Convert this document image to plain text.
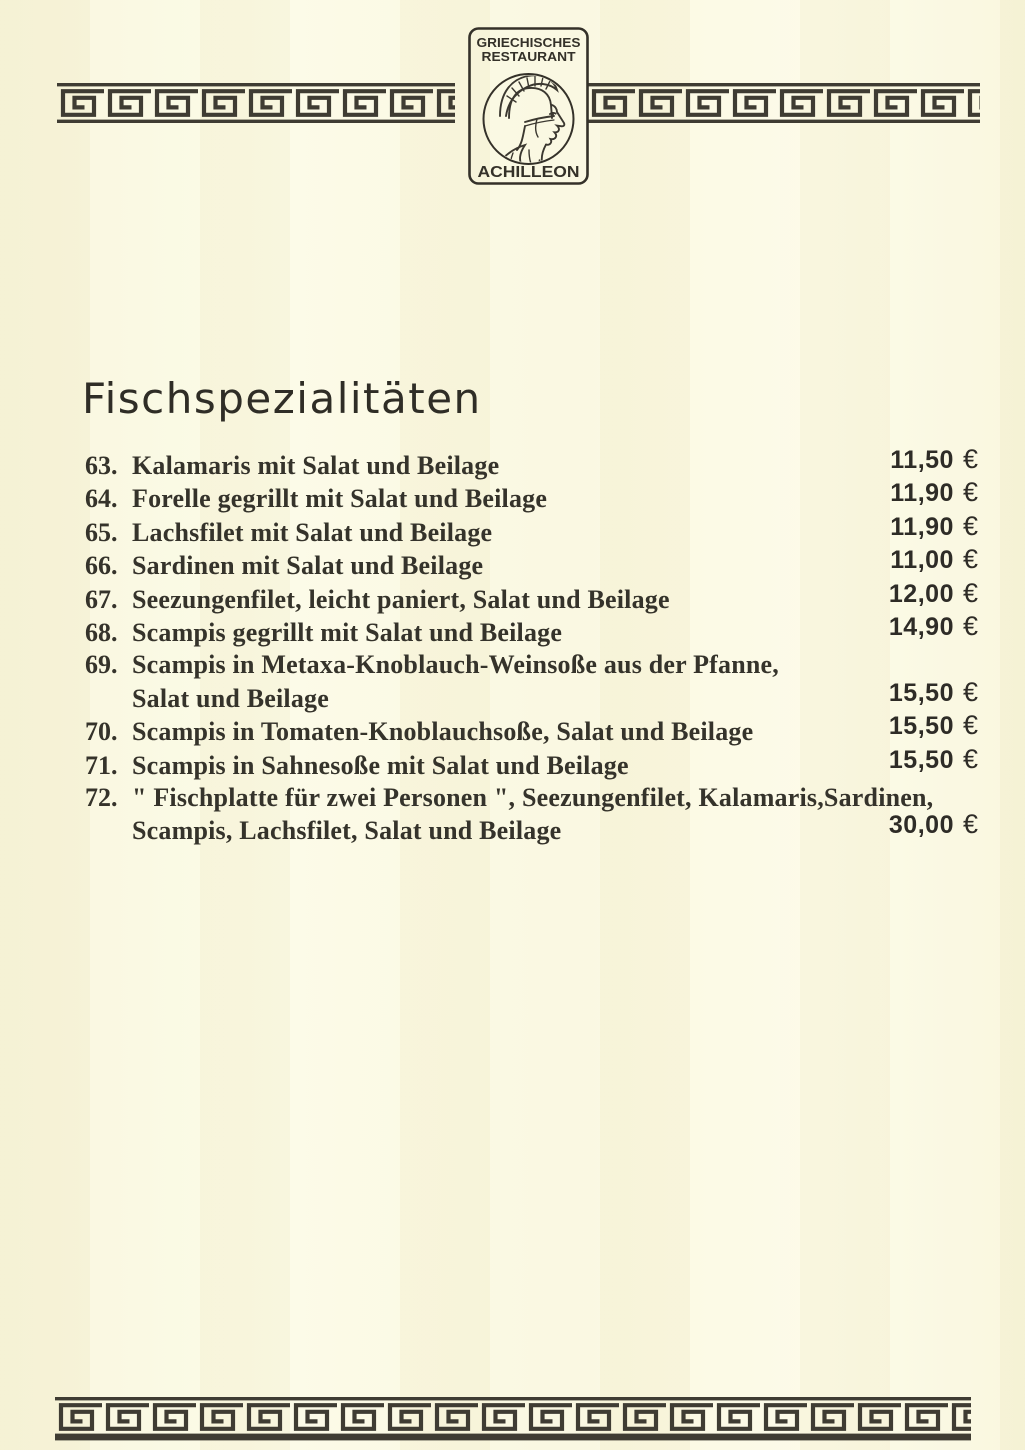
GRIECHISCHES
RESTAURANT
ACHILLEON
Fischspezialitäten
63. Kalamaris mit Salat und Beilage	11,50 €
64. Forelle gegrillt mit Salat und Beilage	11,90 €
65. Lachsfilet mit Salat und Beilage	11,90 €
66. Sardinen mit Salat und Beilage	11,00 €
67. Seezungenfilet, leicht paniert, Salat und Beilage	12,00 €
68. Scampis gegrillt mit Salat und Beilage	14,90 €
69. Scampis in Metaxa-Knoblauch-Weinsoße aus der Pfanne,
Salat und Beilage	15,50 €
70. Scampis in Tomaten-Knoblauchsoße, Salat und Beilage	15,50 €
71. Scampis in Sahnesoße mit Salat und Beilage	15,50 €
72. " Fischplatte für zwei Personen ", Seezungenfilet, Kalamaris,Sardinen,
Scampis, Lachsfilet, Salat und Beilage	30,00 €
